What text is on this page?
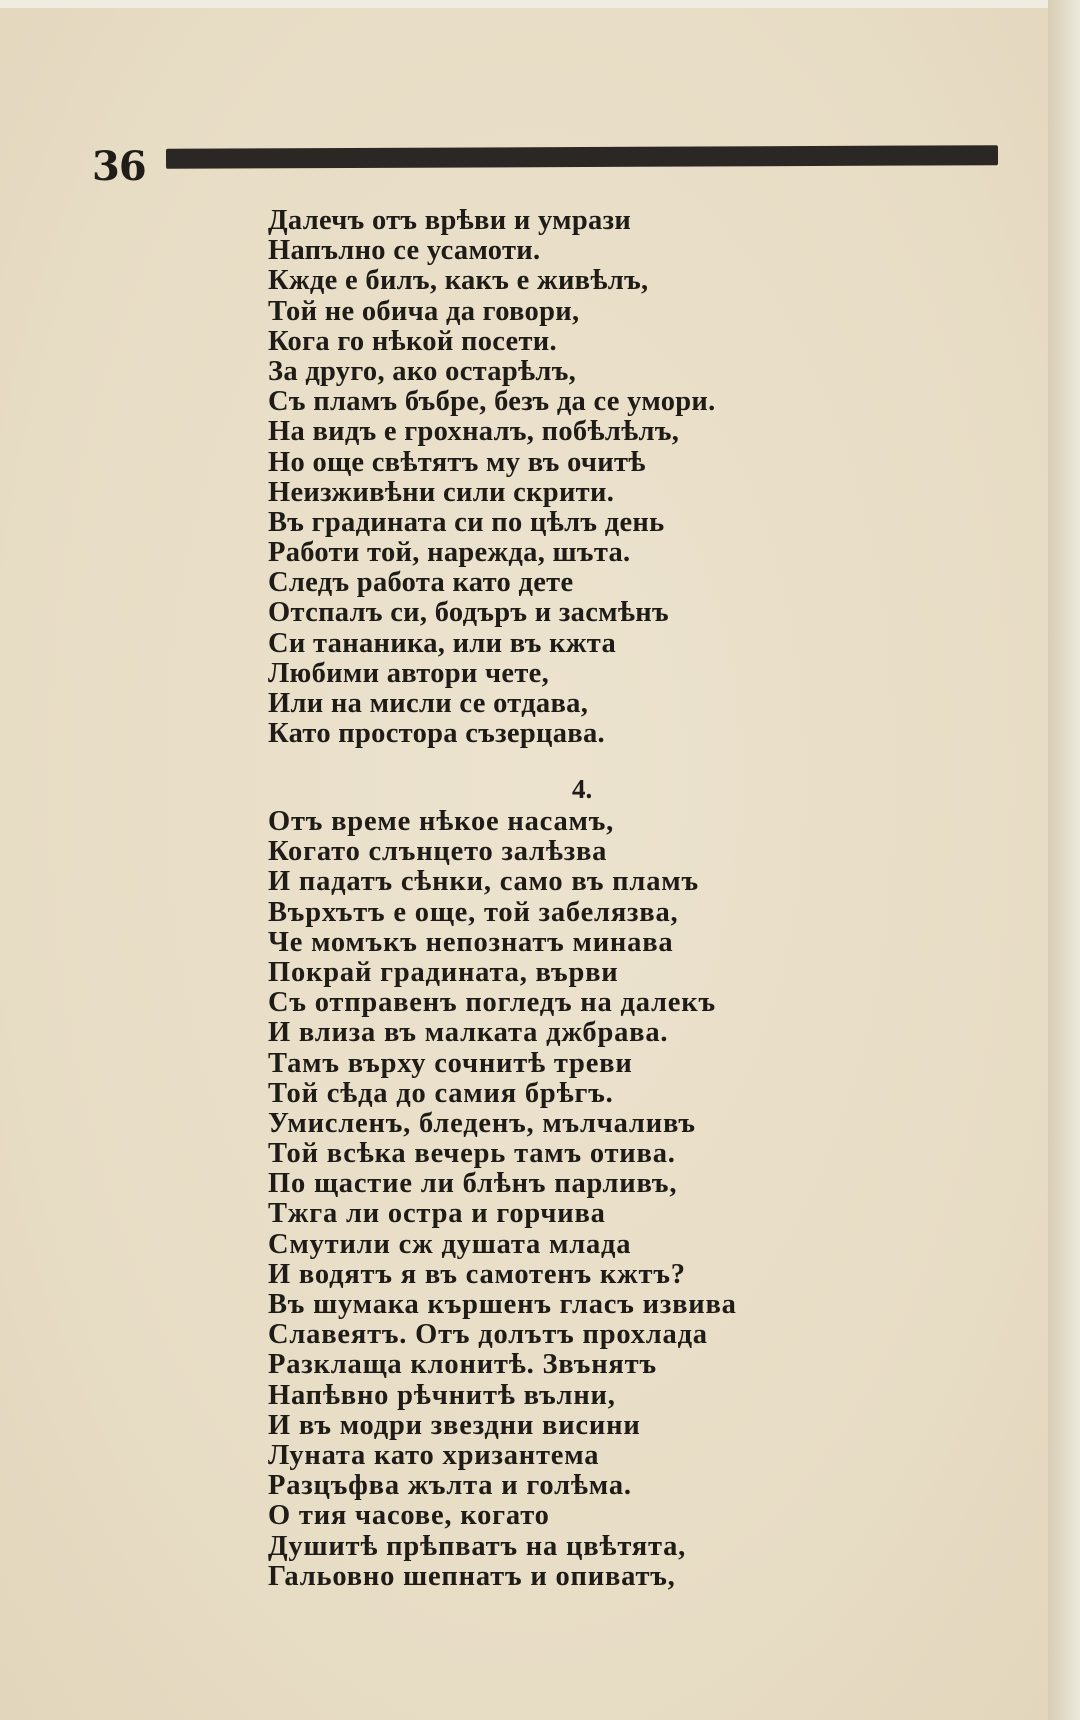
36
Далечъ отъ врѣви и умрази
Напълно се усамоти.
Кжде е билъ, какъ е живѣлъ,
Той не обича да говори,
Кога го нѣкой посети.
За друго, ако остарѣлъ,
Съ пламъ бъбре, безъ да се умори.
На видъ е грохналъ, побѣлѣлъ,
Но още свѣтятъ му въ очитѣ
Неизживѣни сили скрити.
Въ градината си по цѣлъ день
Работи той, нарежда, шъта.
Следъ работа като дете
Отспалъ си, бодъръ и засмѣнъ
Си тананика, или въ кжта
Любими автори чете,
Или на мисли се отдава,
Като простора съзерцава.
4.
Отъ време нѣкое насамъ,
Когато слънцето залѣзва
И падатъ сѣнки, само въ пламъ
Върхътъ е още, той забелязва,
Че момъкъ непознатъ минава
Покрай градината, върви
Съ отправенъ погледъ на далекъ
И влиза въ малката джбрава.
Тамъ върху сочнитѣ треви
Той сѣда до самия брѣгъ.
Умисленъ, бледенъ, мълчаливъ
Той всѣка вечерь тамъ отива.
По щастие ли блѣнъ парливъ,
Тжга ли остра и горчива
Смутили сж душата млада
И водятъ я въ самотенъ кжтъ?
Въ шумака кършенъ гласъ извива
Славеятъ. Отъ долътъ прохлада
Разклаща клонитѣ. Звънятъ
Напѣвно рѣчнитѣ вълни,
И въ модри звездни висини
Луната като хризантема
Разцъфва жълта и голѣма.
О тия часове, когато
Душитѣ прѣпватъ на цвѣтята,
Гальовно шепнатъ и опиватъ,
